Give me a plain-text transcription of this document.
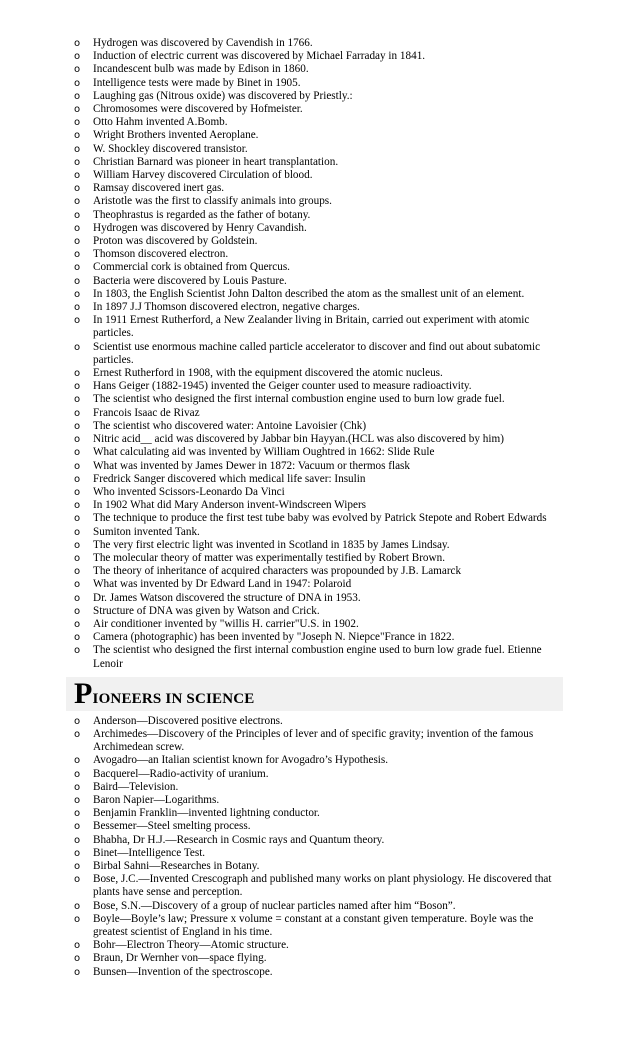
o Hydrogen was discovered by Cavendish in 1766.
o Induction of electric current was discovered by Michael Farraday in 1841.
o Incandescent bulb was made by Edison in 1860.
o Intelligence tests were made by Binet in 1905.
o Laughing gas (Nitrous oxide) was discovered by Priestly.:
o Chromosomes were discovered by Hofmeister.
o Otto Hahm invented A.Bomb.
o Wright Brothers invented Aeroplane.
o W. Shockley discovered transistor.
o Christian Barnard was pioneer in heart transplantation.
o William Harvey discovered Circulation of blood.
o Ramsay discovered inert gas.
o Aristotle was the first to classify animals into groups.
o Theophrastus is regarded as the father of botany.
o Hydrogen was discovered by Henry Cavandish.
o Proton was discovered by Goldstein.
o Thomson discovered electron.
o Commercial cork is obtained from Quercus.
o Bacteria were discovered by Louis Pasture.
o In 1803, the English Scientist John Dalton described the atom as the smallest unit of an element.
o In 1897 J.J Thomson discovered electron, negative charges.
o In 1911 Ernest Rutherford, a New Zealander living in Britain, carried out experiment with atomic particles.
o Scientist use enormous machine called particle accelerator to discover and find out about subatomic particles.
o Ernest Rutherford in 1908, with the equipment discovered the atomic nucleus.
o Hans Geiger (1882-1945) invented the Geiger counter used to measure radioactivity.
o The scientist who designed the first internal combustion engine used to burn low grade fuel.
o Francois Isaac de Rivaz
o The scientist who discovered water: Antoine Lavoisier (Chk)
o Nitric acid__ acid was discovered by Jabbar bin Hayyan.(HCL was also discovered by him)
o What calculating aid was invented by William Oughtred in 1662: Slide Rule
o What was invented by James Dewer in 1872: Vacuum or thermos flask
o Fredrick Sanger discovered which medical life saver: Insulin
o Who invented Scissors-Leonardo Da Vinci
o In 1902 What did Mary Anderson invent-Windscreen Wipers
o The technique to produce the first test tube baby was evolved by Patrick Stepote and Robert Edwards
o Sumiton invented Tank.
o The very first electric light was invented in Scotland in 1835 by James Lindsay.
o The molecular theory of matter was experimentally testified by Robert Brown.
o The theory of inheritance of acquired characters was propounded by J.B. Lamarck
o What was invented by Dr Edward Land in 1947: Polaroid
o Dr. James Watson discovered the structure of DNA in 1953.
o Structure of DNA was given by Watson and Crick.
o Air conditioner invented by "willis H. carrier"U.S. in 1902.
o Camera (photographic) has been invented by "Joseph N. Niepce"France in 1822.
o The scientist who designed the first internal combustion engine used to burn low grade fuel. Etienne Lenoir
PIONEERS IN SCIENCE
o Anderson—Discovered positive electrons.
o Archimedes—Discovery of the Principles of lever and of specific gravity; invention of the famous Archimedean screw.
o Avogadro—an Italian scientist known for Avogadro’s Hypothesis.
o Bacquerel—Radio-activity of uranium.
o Baird—Television.
o Baron Napier—Logarithms.
o Benjamin Franklin—invented lightning conductor.
o Bessemer—Steel smelting process.
o Bhabha, Dr H.J.—Research in Cosmic rays and Quantum theory.
o Binet—Intelligence Test.
o Birbal Sahni—Researches in Botany.
o Bose, J.C.—Invented Crescograph and published many works on plant physiology. He discovered that plants have sense and perception.
o Bose, S.N.—Discovery of a group of nuclear particles named after him “Boson”.
o Boyle—Boyle’s law; Pressure x volume = constant at a constant given temperature. Boyle was the greatest scientist of England in his time.
o Bohr—Electron Theory—Atomic structure.
o Braun, Dr Wernher von—space flying.
o Bunsen—Invention of the spectroscope.
